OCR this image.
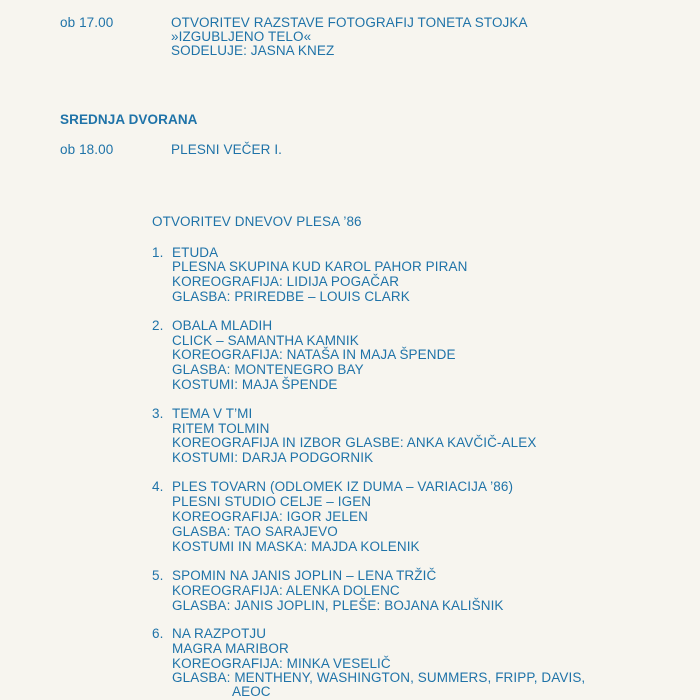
ob 17.00	OTVORITEV RAZSTAVE FOTOGRAFIJ TONETA STOJKA
»IZGUBLJENO TELO«
SODELUJE: JASNA KNEZ
SREDNJA DVORANA
ob 18.00	PLESNI VEČER I.
OTVORITEV DNEVOV PLESA ’86
1. ETUDA
PLESNA SKUPINA KUD KAROL PAHOR PIRAN
KOREOGRAFIJA: LIDIJA POGAČAR
GLASBA: PRIREDBE – LOUIS CLARK
2. OBALA MLADIH
CLICK – SAMANTHA KAMNIK
KOREOGRAFIJA: NATAŠA IN MAJA ŠPENDE
GLASBA: MONTENEGRO BAY
KOSTUMI: MAJA ŠPENDE
3. TEMA V T’MI
RITEM TOLMIN
KOREOGRAFIJA IN IZBOR GLASBE: ANKA KAVČIČ-ALEX
KOSTUMI: DARJA PODGORNIK
4. PLES TOVARN (ODLOMEK IZ DUMA – VARIACIJA ’86)
PLESNI STUDIO CELJE – IGEN
KOREOGRAFIJA: IGOR JELEN
GLASBA: TAO SARAJEVO
KOSTUMI IN MASKA: MAJDA KOLENIK
5. SPOMIN NA JANIS JOPLIN – LENA TRŽIČ
KOREOGRAFIJA: ALENKA DOLENC
GLASBA: JANIS JOPLIN, PLEŠE: BOJANA KALIŠNIK
6. NA RAZPOTJU
MAGRA MARIBOR
KOREOGRAFIJA: MINKA VESELIČ
GLASBA: MENTHENY, WASHINGTON, SUMMERS, FRIPP, DAVIS,
AEOC
